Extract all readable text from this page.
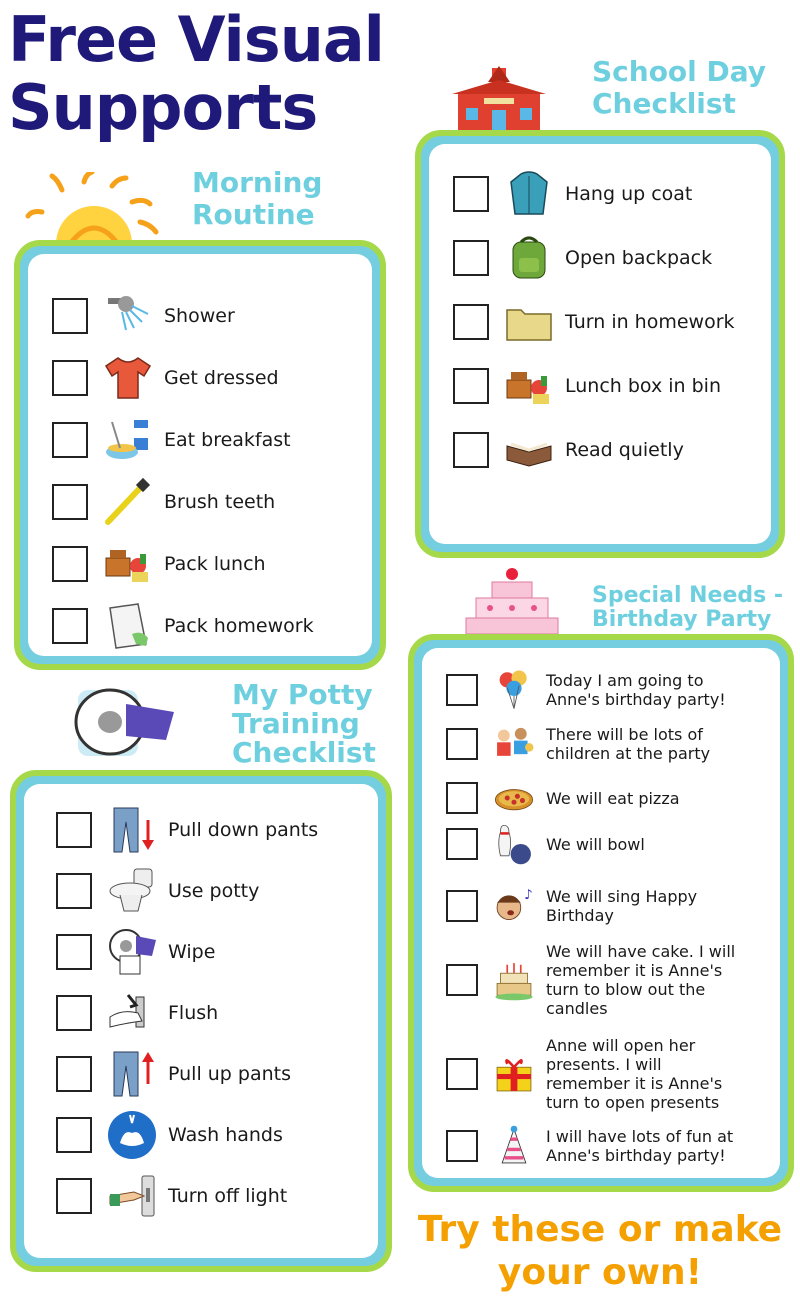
Free Visual
Supports
Morning
Routine
Shower
Get dressed
Eat breakfast
Brush teeth
Pack lunch
Pack homework
School Day
Checklist
Hang up coat
Open backpack
Turn in homework
Lunch box in bin
Read quietly
My Potty
Training
Checklist
Pull down pants
Use potty
Wipe
Flush
Pull up pants
Wash hands
Turn off light
Special Needs -
Birthday Party
Today I am going to
Anne's birthday party!
There will be lots of
children at the party
We will eat pizza
We will bowl
♪ We will sing Happy
Birthday
We will have cake. I will
remember it is Anne's
turn to blow out the
candles
Anne will open her
presents. I will
remember it is Anne's
turn to open presents
I will have lots of fun at
Anne's birthday party!

Try these or make
your own!
